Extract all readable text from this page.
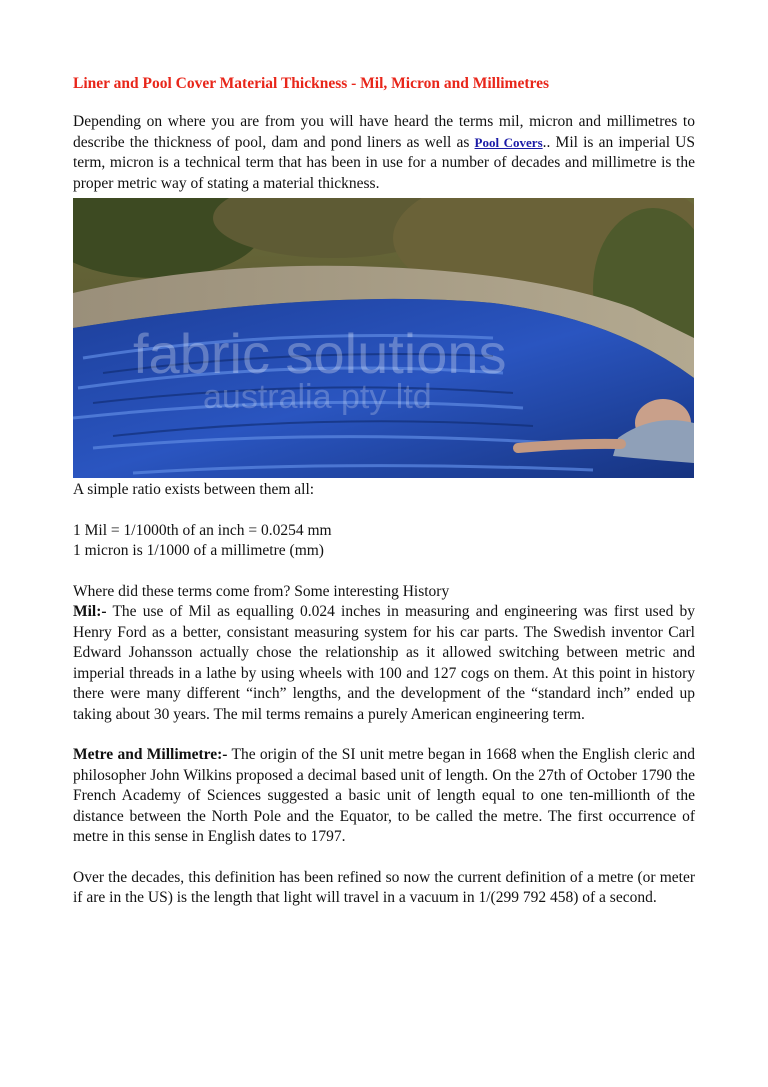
Liner and Pool Cover Material Thickness - Mil, Micron and Millimetres

Depending on where you are from you will have heard the terms mil, micron and millimetres to describe the thickness of pool, dam and pond liners as well as Pool Covers.. Mil is an imperial US term, micron is a technical term that has been in use for a number of decades and millimetre is the proper metric way of stating a material thickness.

fabric solutions
australia pty ltd

A simple ratio exists between them all:

1 Mil = 1/1000th of an inch = 0.0254 mm

1 micron is 1/1000 of a millimetre (mm)

Where did these terms come from? Some interesting History

Mil:- The use of Mil as equalling 0.024 inches in measuring and engineering was first used by Henry Ford as a better, consistant measuring system for his car parts. The Swedish inventor Carl Edward Johansson actually chose the relationship as it allowed switching between metric and imperial threads in a lathe by using wheels with 100 and 127 cogs on them. At this point in history there were many different “inch” lengths, and the development of the “standard inch” ended up taking about 30 years. The mil terms remains a purely American engineering term.

Metre and Millimetre:- The origin of the SI unit metre began in 1668 when the English cleric and philosopher John Wilkins proposed a decimal based unit of length. On the 27th of October 1790 the French Academy of Sciences suggested a basic unit of length equal to one ten-millionth of the distance between the North Pole and the Equator, to be called the metre. The first occurrence of metre in this sense in English dates to 1797.

Over the decades, this definition has been refined so now the current definition of a metre (or meter if are in the US) is the length that light will travel in a vacuum in 1/(299 792 458) of a second.
